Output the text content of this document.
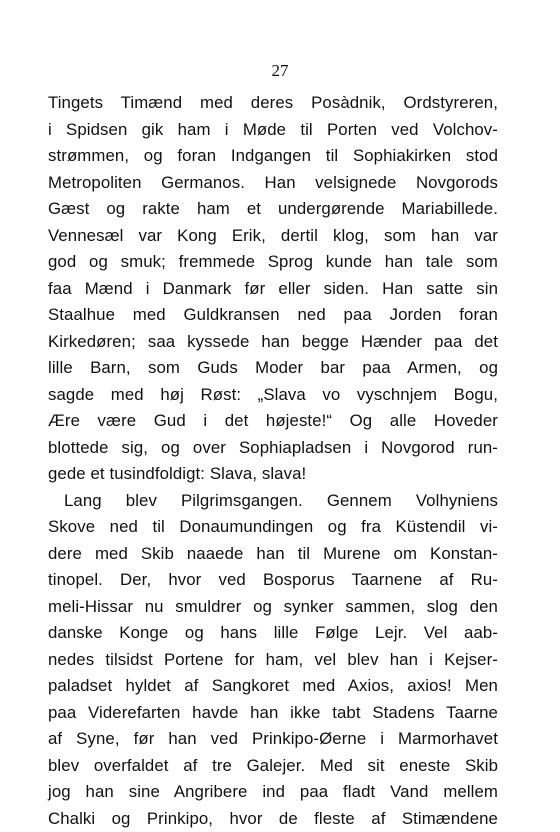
27
Tingets Timænd med deres Posàdnik, Ordstyreren,
i Spidsen gik ham i Møde til Porten ved Volchov-
strømmen, og foran Indgangen til Sophiakirken stod
Metropoliten Germanos. Han velsignede Novgorods
Gæst og rakte ham et undergørende Mariabillede.
Vennesæl var Kong Erik, dertil klog, som han var
god og smuk; fremmede Sprog kunde han tale som
faa Mænd i Danmark før eller siden. Han satte sin
Staalhue med Guldkransen ned paa Jorden foran
Kirkedøren; saa kyssede han begge Hænder paa det
lille Barn, som Guds Moder bar paa Armen, og
sagde med høj Røst: „Slava vo vyschnjem Bogu,
Ære være Gud i det højeste!“ Og alle Hoveder
blottede sig, og over Sophiapladsen i Novgorod run-
gede et tusindfoldigt: Slava, slava!
Lang blev Pilgrimsgangen. Gennem Volhyniens
Skove ned til Donaumundingen og fra Küstendil vi-
dere med Skib naaede han til Murene om Konstan-
tinopel. Der, hvor ved Bosporus Taarnene af Ru-
meli-Hissar nu smuldrer og synker sammen, slog den
danske Konge og hans lille Følge Lejr. Vel aab-
nedes tilsidst Portene for ham, vel blev han i Kejser-
paladset hyldet af Sangkoret med Axios, axios! Men
paa Viderefarten havde han ikke tabt Stadens Taarne
af Syne, før han ved Prinkipo-Øerne i Marmorhavet
blev overfaldet af tre Galejer. Med sit eneste Skib
jog han sine Angribere ind paa fladt Vand mellem
Chalki og Prinkipo, hvor de fleste af Stimændene
